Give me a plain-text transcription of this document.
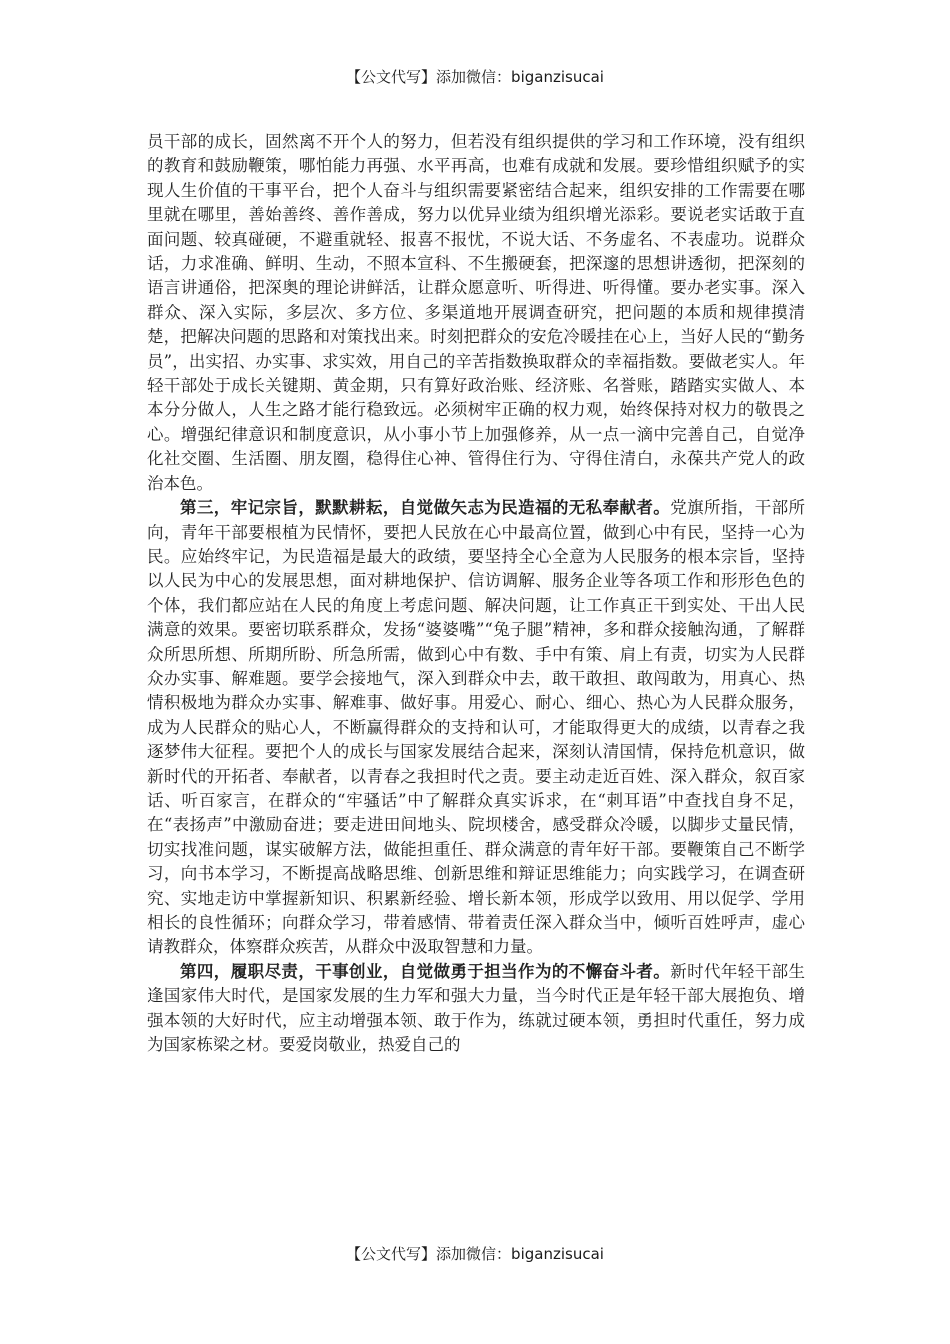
【公文代写】添加微信：biganzisucai

员干部的成长，固然离不开个人的努力，但若没有组织提供的学习和工作环境，没有组织的教育和鼓励鞭策，哪怕能力再强、水平再高，也难有成就和发展。要珍惜组织赋予的实现人生价值的干事平台，把个人奋斗与组织需要紧密结合起来，组织安排的工作需要在哪里就在哪里，善始善终、善作善成，努力以优异业绩为组织增光添彩。要说老实话敢于直面问题、较真碰硬，不避重就轻、报喜不报忧，不说大话、不务虚名、不表虚功。说群众话，力求准确、鲜明、生动，不照本宣科、不生搬硬套，把深邃的思想讲透彻，把深刻的语言讲通俗，把深奥的理论讲鲜活，让群众愿意听、听得进、听得懂。要办老实事。深入群众、深入实际，多层次、多方位、多渠道地开展调查研究，把问题的本质和规律摸清楚，把解决问题的思路和对策找出来。时刻把群众的安危冷暖挂在心上，当好人民的“勤务员”，出实招、办实事、求实效，用自己的辛苦指数换取群众的幸福指数。要做老实人。年轻干部处于成长关键期、黄金期，只有算好政治账、经济账、名誉账，踏踏实实做人、本本分分做人，人生之路才能行稳致远。必须树牢正确的权力观，始终保持对权力的敬畏之心。增强纪律意识和制度意识，从小事小节上加强修养，从一点一滴中完善自己，自觉净化社交圈、生活圈、朋友圈，稳得住心神、管得住行为、守得住清白，永葆共产党人的政治本色。

第三，牢记宗旨，默默耕耘，自觉做矢志为民造福的无私奉献者。党旗所指，干部所向，青年干部要根植为民情怀，要把人民放在心中最高位置，做到心中有民，坚持一心为民。应始终牢记，为民造福是最大的政绩，要坚持全心全意为人民服务的根本宗旨，坚持以人民为中心的发展思想，面对耕地保护、信访调解、服务企业等各项工作和形形色色的个体，我们都应站在人民的角度上考虑问题、解决问题，让工作真正干到实处、干出人民满意的效果。要密切联系群众，发扬“婆婆嘴”“兔子腿”精神，多和群众接触沟通，了解群众所思所想、所期所盼、所急所需，做到心中有数、手中有策、肩上有责，切实为人民群众办实事、解难题。要学会接地气，深入到群众中去，敢干敢担、敢闯敢为，用真心、热情积极地为群众办实事、解难事、做好事。用爱心、耐心、细心、热心为人民群众服务，成为人民群众的贴心人，不断赢得群众的支持和认可，才能取得更大的成绩，以青春之我逐梦伟大征程。要把个人的成长与国家发展结合起来，深刻认清国情，保持危机意识，做新时代的开拓者、奉献者，以青春之我担时代之责。要主动走近百姓、深入群众，叙百家话、听百家言，在群众的“牢骚话”中了解群众真实诉求，在“刺耳语”中查找自身不足，在“表扬声”中激励奋进；要走进田间地头、院坝楼舍，感受群众冷暖，以脚步丈量民情，切实找准问题，谋实破解方法，做能担重任、群众满意的青年好干部。要鞭策自己不断学习，向书本学习，不断提高战略思维、创新思维和辩证思维能力；向实践学习，在调查研究、实地走访中掌握新知识、积累新经验、增长新本领，形成学以致用、用以促学、学用相长的良性循环；向群众学习，带着感情、带着责任深入群众当中，倾听百姓呼声，虚心请教群众，体察群众疾苦，从群众中汲取智慧和力量。

第四，履职尽责，干事创业，自觉做勇于担当作为的不懈奋斗者。新时代年轻干部生逢国家伟大时代，是国家发展的生力军和强大力量，当今时代正是年轻干部大展抱负、增强本领的大好时代，应主动增强本领、敢于作为，练就过硬本领，勇担时代重任，努力成为国家栋梁之材。要爱岗敬业，热爱自己的

【公文代写】添加微信：biganzisucai
